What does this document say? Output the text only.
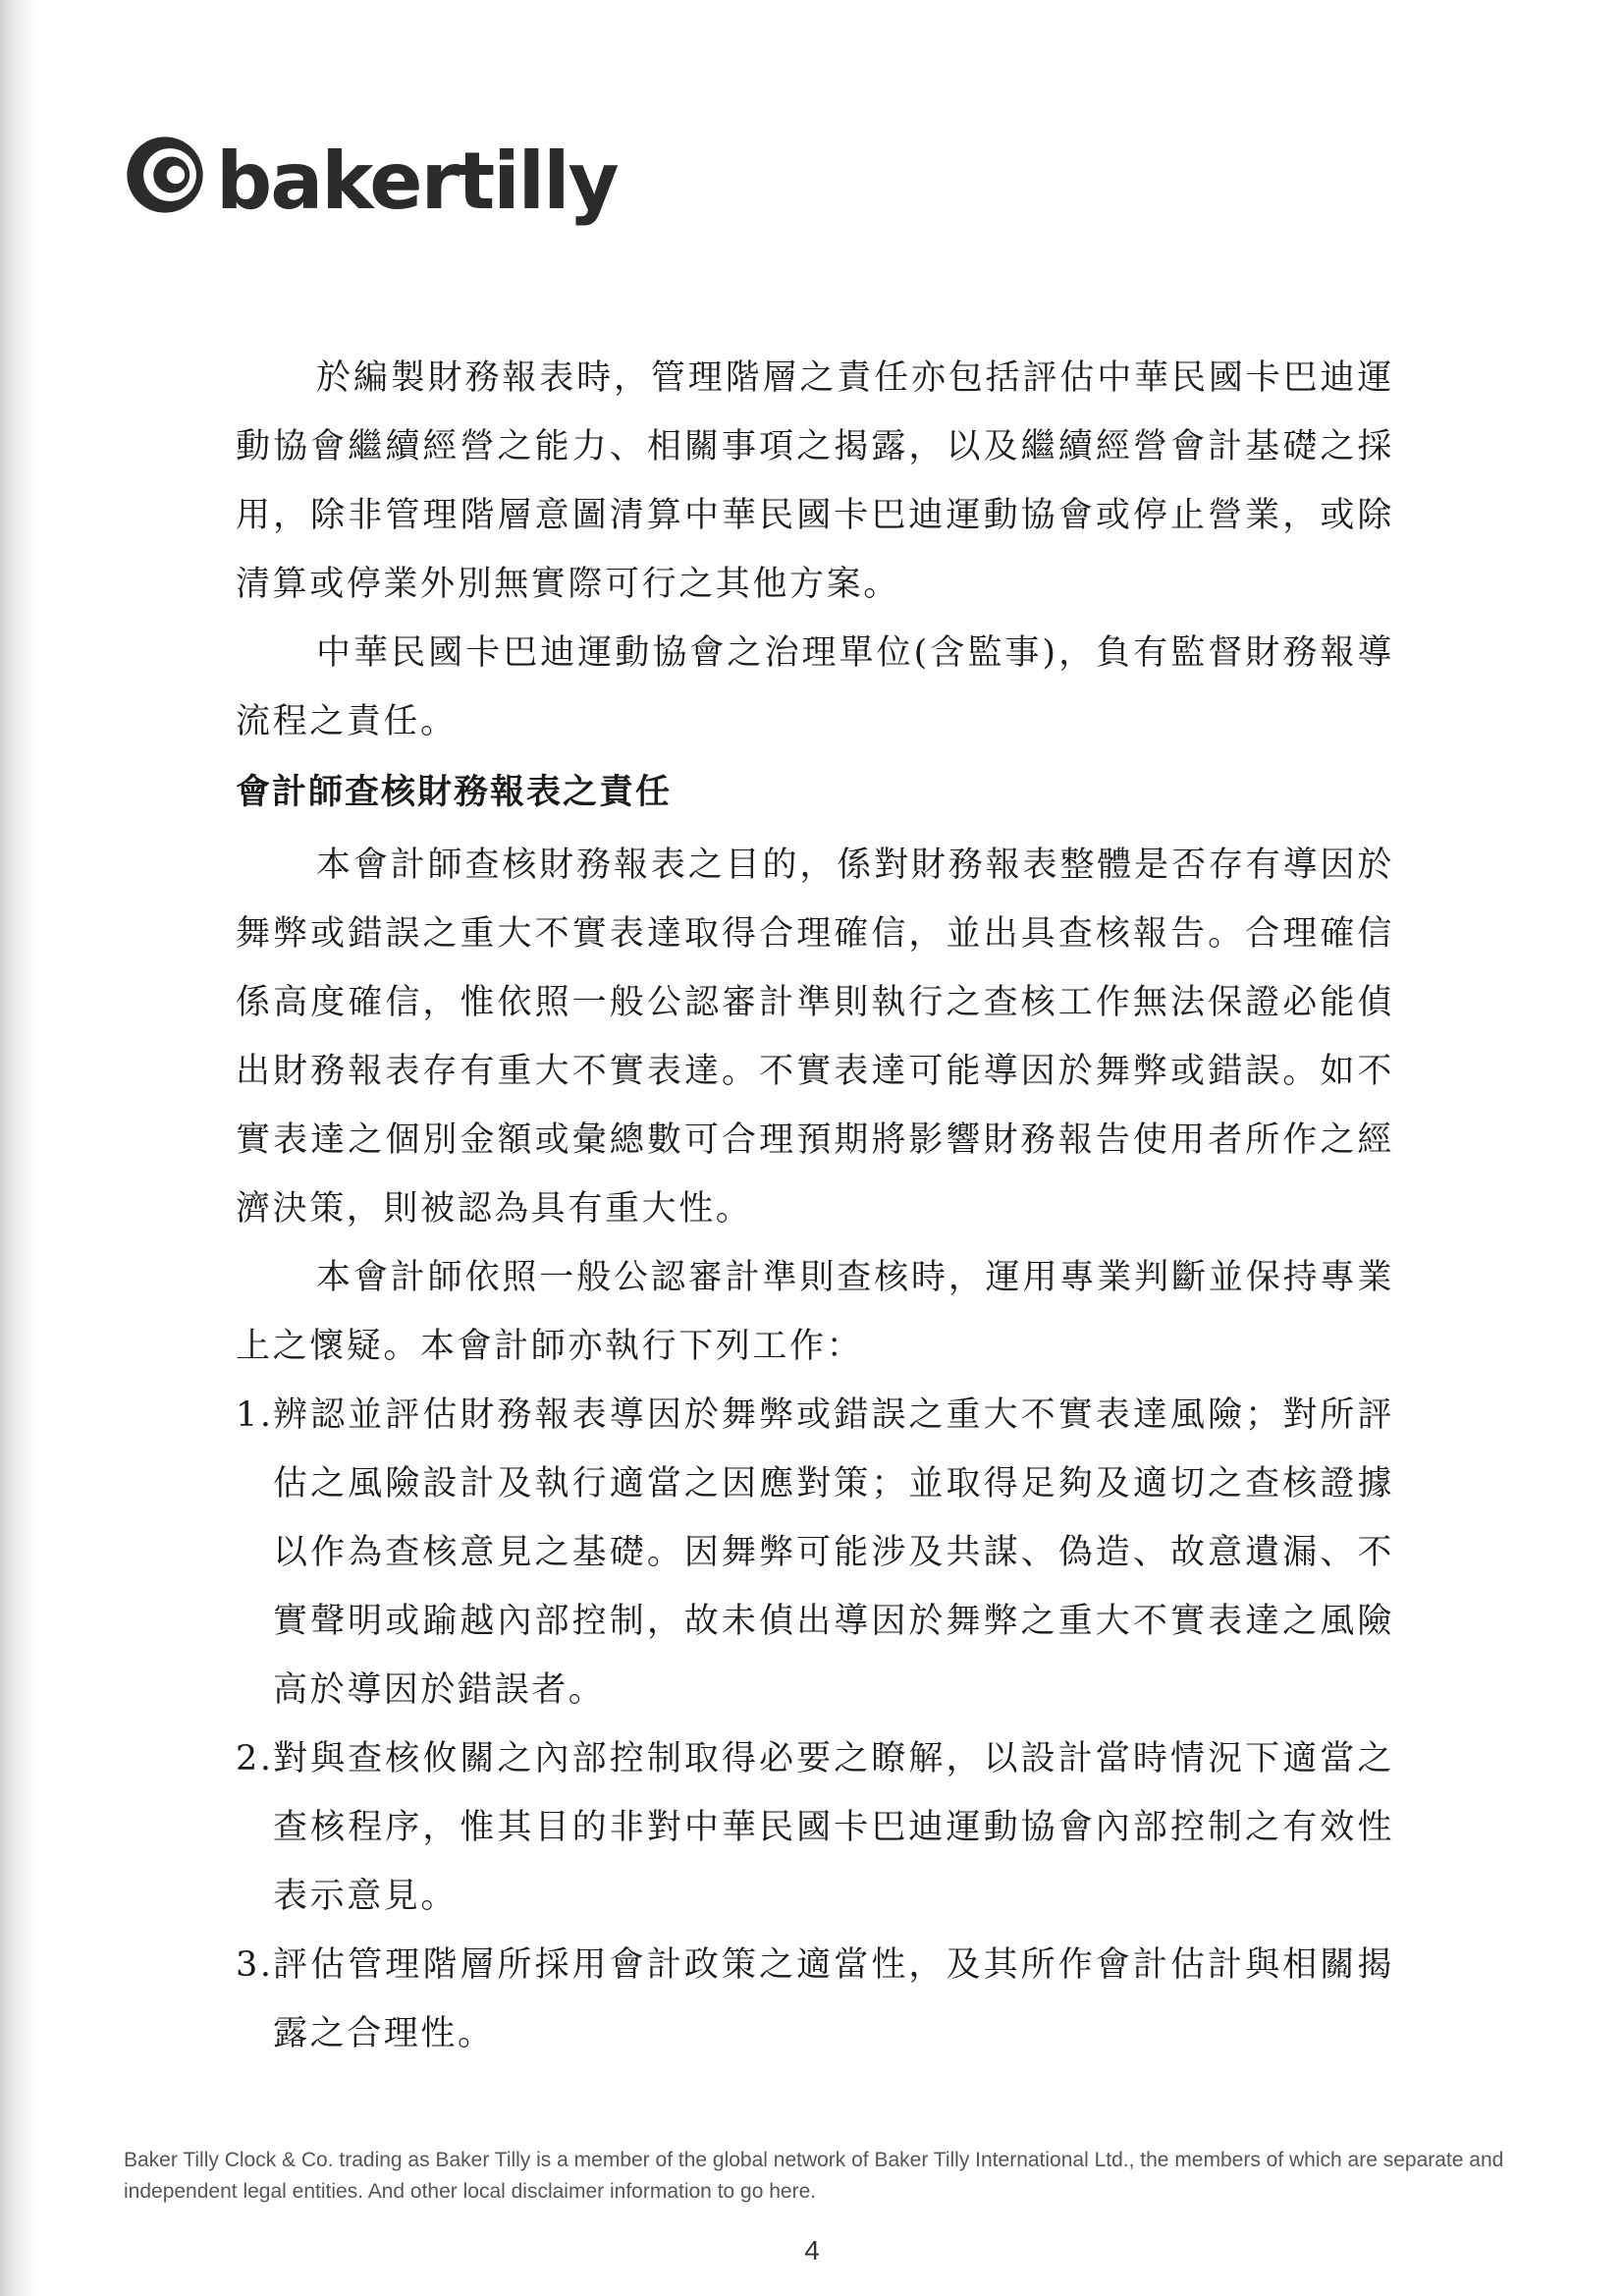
bakertilly

於編製財務報表時，管理階層之責任亦包括評估中華民國卡巴迪運動協會繼續經營之能力、相關事項之揭露，以及繼續經營會計基礎之採用，除非管理階層意圖清算中華民國卡巴迪運動協會或停止營業，或除清算或停業外別無實際可行之其他方案。

中華民國卡巴迪運動協會之治理單位(含監事)，負有監督財務報導流程之責任。

會計師查核財務報表之責任

本會計師查核財務報表之目的，係對財務報表整體是否存有導因於舞弊或錯誤之重大不實表達取得合理確信，並出具查核報告。合理確信係高度確信，惟依照一般公認審計準則執行之查核工作無法保證必能偵出財務報表存有重大不實表達。不實表達可能導因於舞弊或錯誤。如不實表達之個別金額或彙總數可合理預期將影響財務報告使用者所作之經濟決策，則被認為具有重大性。

本會計師依照一般公認審計準則查核時，運用專業判斷並保持專業上之懷疑。本會計師亦執行下列工作：

1. 辨認並評估財務報表導因於舞弊或錯誤之重大不實表達風險；對所評估之風險設計及執行適當之因應對策；並取得足夠及適切之查核證據以作為查核意見之基礎。因舞弊可能涉及共謀、偽造、故意遺漏、不實聲明或踰越內部控制，故未偵出導因於舞弊之重大不實表達之風險高於導因於錯誤者。
2. 對與查核攸關之內部控制取得必要之瞭解，以設計當時情況下適當之查核程序，惟其目的非對中華民國卡巴迪運動協會內部控制之有效性表示意見。
3. 評估管理階層所採用會計政策之適當性，及其所作會計估計與相關揭露之合理性。
Baker Tilly Clock & Co. trading as Baker Tilly is a member of the global network of Baker Tilly International Ltd., the members of which are separate and independent legal entities. And other local disclaimer information to go here.
4
